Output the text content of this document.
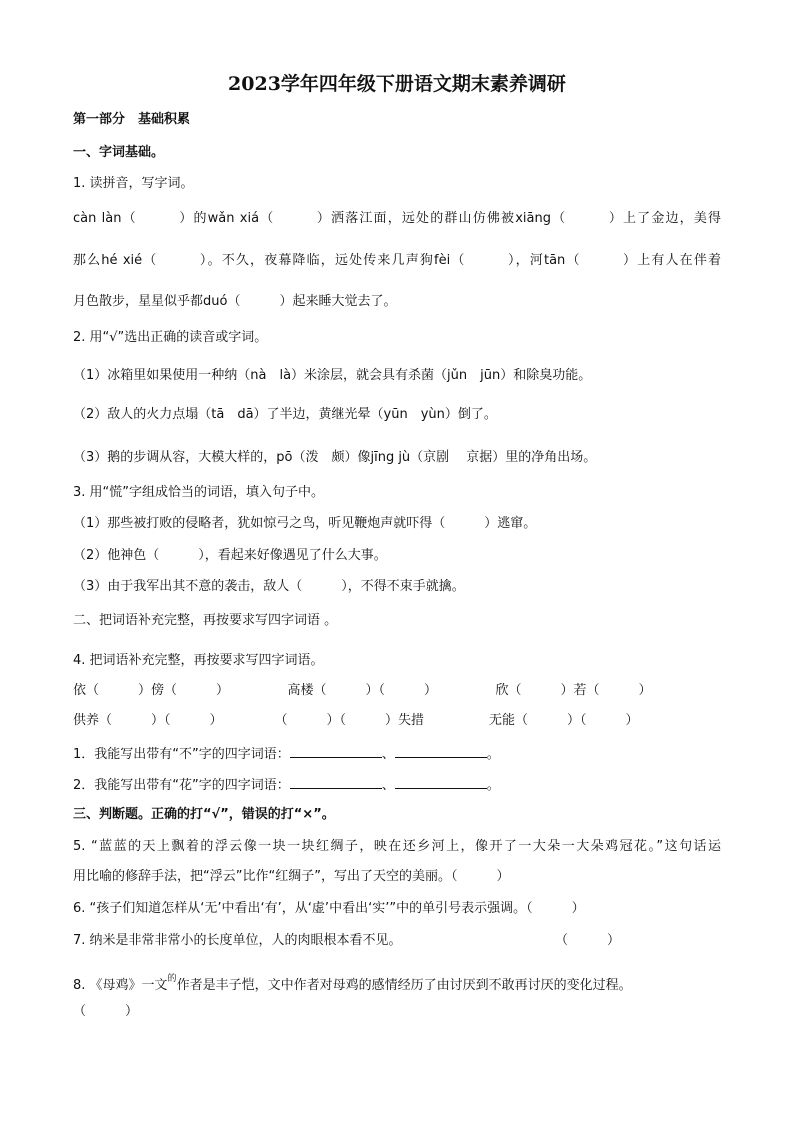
2023学年四年级下册语文期末素养调研
第一部分　基础积累
一、字词基础。
1. 读拼音，写字词。
càn làn（　　　）的wǎn xiá（　　　）洒落江面，远处的群山仿佛被xiāng（　　　）上了金边，美得
那么hé xié（　　　）。不久，夜幕降临，远处传来几声狗fèi（　　　），河tān（　　　）上有人在伴着
月色散步，星星似乎都duó（　　　）起来睡大觉去了。
2. 用“√”选出正确的读音或字词。
（1）冰箱里如果使用一种纳（nà　là）米涂层，就会具有杀菌（jǔn　jūn）和除臭功能。
（2）敌人的火力点塌（tā　dā）了半边，黄继光晕（yūn　yùn）倒了。
（3）鹅的步调从容，大模大样的，pō（泼　颇）像jīng jù（京剧　 京据）里的净角出场。
3. 用“慌”字组成恰当的词语，填入句子中。
（1）那些被打败的侵略者，犹如惊弓之鸟，听见鞭炮声就吓得（　　　）逃窜。
（2）他神色（　　　），看起来好像遇见了什么大事。
（3）由于我军出其不意的袭击，敌人（　　　），不得不束手就擒。
二、把词语补充完整，再按要求写四字词语 。
4. 把词语补充完整，再按要求写四字词语。
依（　　　）傍（　　　）　　　　　高楼（　　　）（　　　）　　　　　欣（　　　）若（　　　）
供养（　　　）（　　　）　　　　　（　　　）（　　　）失措　　　　　无能（　　　）（　　　）
1．我能写出带有“不”字的四字词语：	、	。
2．我能写出带有“花”字的四字词语：	、	。
三、判断题。正确的打“√”，错误的打“×”。
5. “蓝蓝的天上飘着的浮云像一块一块红绸子，映在还乡河上，像开了一大朵一大朵鸡冠花。”这句话运
用比喻的修辞手法，把“浮云”比作“红绸子”，写出了天空的美丽。（　　　）
6. “孩子们知道怎样从‘无’中看出‘有’，从‘虚’中看出‘实’”中的单引号表示强调。（　　　）
7. 纳米是非常非常小的长度单位，人的肉眼根本看不见。	（　　　）
8. 《母鸡》一文$^的$作者是丰子恺，文中作者对母鸡的感情经历了由讨厌到不敢再讨厌的变化过程。
（　　　）
